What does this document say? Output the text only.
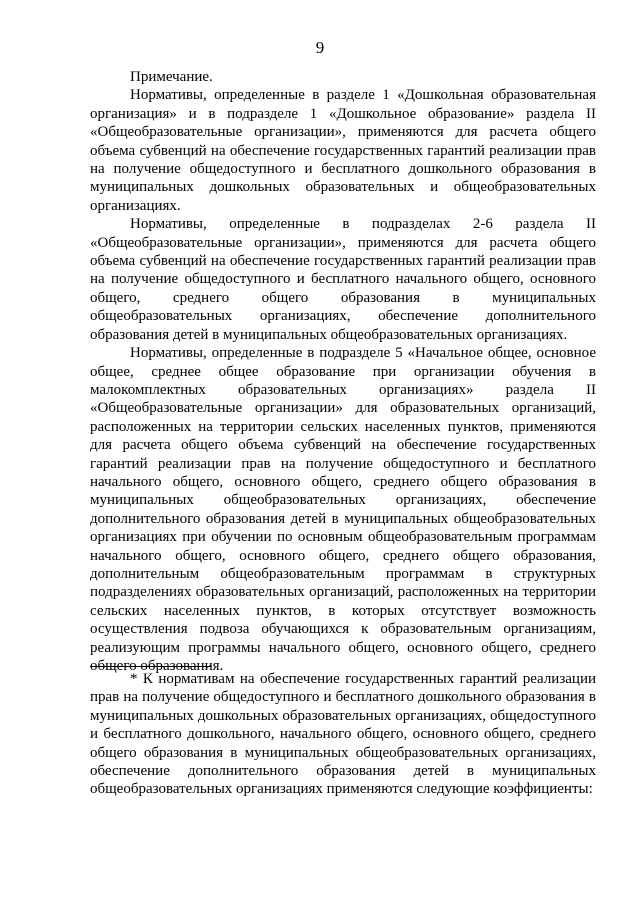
9

Примечание.

Нормативы, определенные в разделе 1 «Дошкольная образовательная организация» и в подразделе 1 «Дошкольное образование» раздела II «Общеобразовательные организации», применяются для расчета общего объема субвенций на обеспечение государственных гарантий реализации прав на получение общедоступного и бесплатного дошкольного образования в муниципальных дошкольных образовательных и общеобразовательных организациях.

Нормативы, определенные в подразделах 2-6 раздела II «Общеобразовательные организации», применяются для расчета общего объема субвенций на обеспечение государственных гарантий реализации прав на получение общедоступного и бесплатного начального общего, основного общего, среднего общего образования в муниципальных общеобразовательных организациях, обеспечение дополнительного образования детей в муниципальных общеобразовательных организациях.

Нормативы, определенные в подразделе 5 «Начальное общее, основное общее, среднее общее образование при организации обучения в малокомплектных образовательных организациях» раздела II «Общеобразовательные организации» для образовательных организаций, расположенных на территории сельских населенных пунктов, применяются для расчета общего объема субвенций на обеспечение государственных гарантий реализации прав на получение общедоступного и бесплатного начального общего, основного общего, среднего общего образования в муниципальных общеобразовательных организациях, обеспечение дополнительного образования детей в муниципальных общеобразовательных организациях при обучении по основным общеобразовательным программам начального общего, основного общего, среднего общего образования, дополнительным общеобразовательным программам в структурных подразделениях образовательных организаций, расположенных на территории сельских населенных пунктов, в которых отсутствует возможность осуществления подвоза обучающихся к образовательным организациям, реализующим программы начального общего, основного общего, среднего общего образования.

* К нормативам на обеспечение государственных гарантий реализации прав на получение общедоступного и бесплатного дошкольного образования в муниципальных дошкольных образовательных организациях, общедоступного и бесплатного дошкольного, начального общего, основного общего, среднего общего образования в муниципальных общеобразовательных организациях, обеспечение дополнительного образования детей в муниципальных общеобразовательных организациях применяются следующие коэффициенты:
